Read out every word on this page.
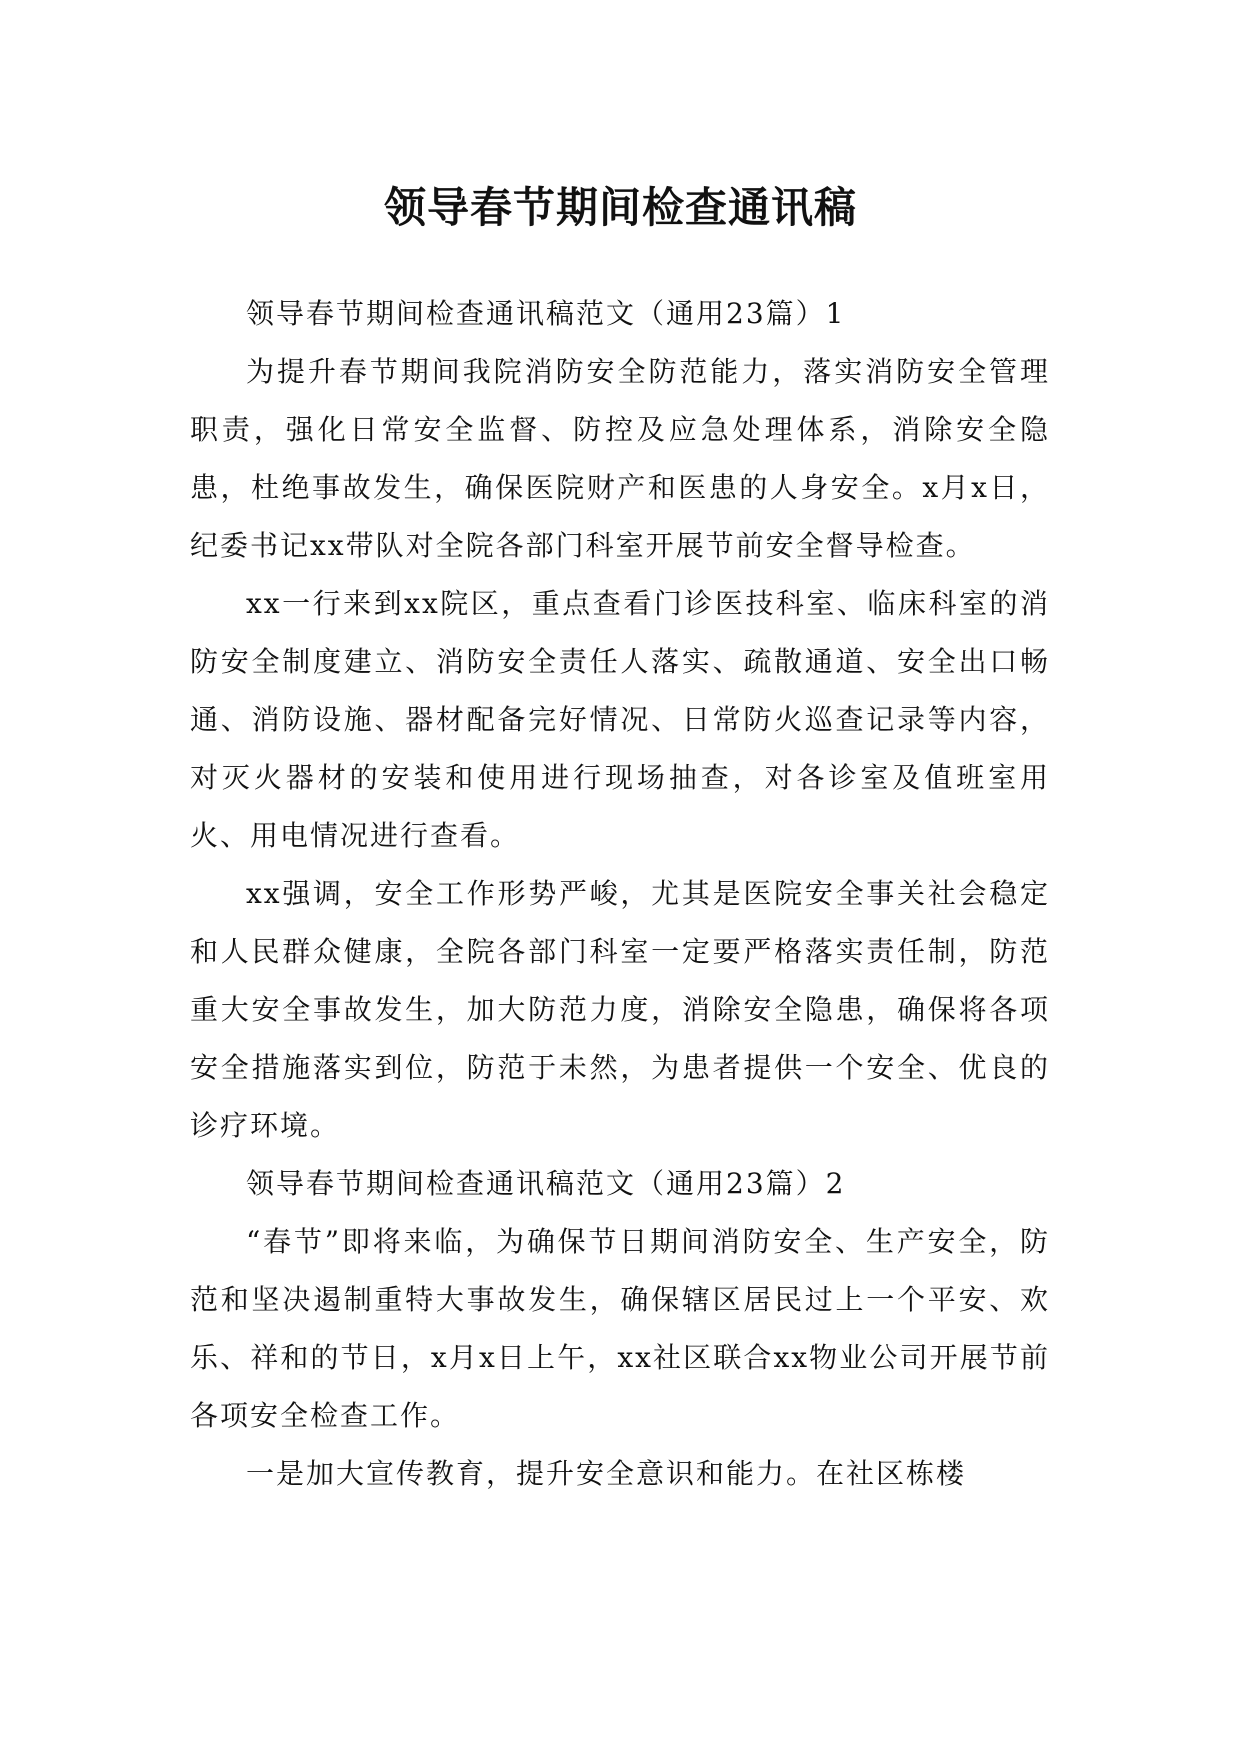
领导春节期间检查通讯稿

领导春节期间检查通讯稿范文（通用23篇）1

为提升春节期间我院消防安全防范能力，落实消防安全管理职责，强化日常安全监督、防控及应急处理体系，消除安全隐患，杜绝事故发生，确保医院财产和医患的人身安全。x月x日，纪委书记xx带队对全院各部门科室开展节前安全督导检查。

xx一行来到xx院区，重点查看门诊医技科室、临床科室的消防安全制度建立、消防安全责任人落实、疏散通道、安全出口畅通、消防设施、器材配备完好情况、日常防火巡查记录等内容，对灭火器材的安装和使用进行现场抽查，对各诊室及值班室用火、用电情况进行查看。

xx强调，安全工作形势严峻，尤其是医院安全事关社会稳定和人民群众健康，全院各部门科室一定要严格落实责任制，防范重大安全事故发生，加大防范力度，消除安全隐患，确保将各项安全措施落实到位，防范于未然，为患者提供一个安全、优良的诊疗环境。

领导春节期间检查通讯稿范文（通用23篇）2

“春节”即将来临，为确保节日期间消防安全、生产安全，防范和坚决遏制重特大事故发生，确保辖区居民过上一个平安、欢乐、祥和的节日，x月x日上午，xx社区联合xx物业公司开展节前各项安全检查工作。

一是加大宣传教育，提升安全意识和能力。在社区栋楼
